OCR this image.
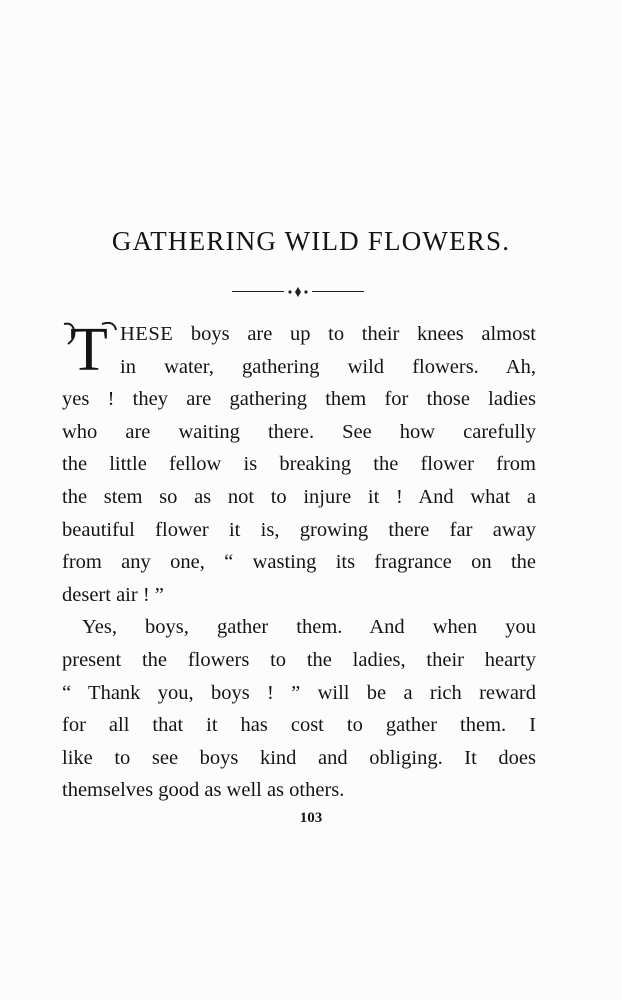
GATHERING WILD FLOWERS.
T HESE boys are up to their knees almost
in water, gathering wild flowers. Ah,
yes ! they are gathering them for those ladies
who are waiting there. See how carefully
the little fellow is breaking the flower from
the stem so as not to injure it ! And what a
beautiful flower it is, growing there far away
from any one, “ wasting its fragrance on the
desert air ! ”
Yes, boys, gather them. And when you
present the flowers to the ladies, their hearty
“ Thank you, boys ! ” will be a rich reward
for all that it has cost to gather them. I
like to see boys kind and obliging. It does
themselves good as well as others.
103
